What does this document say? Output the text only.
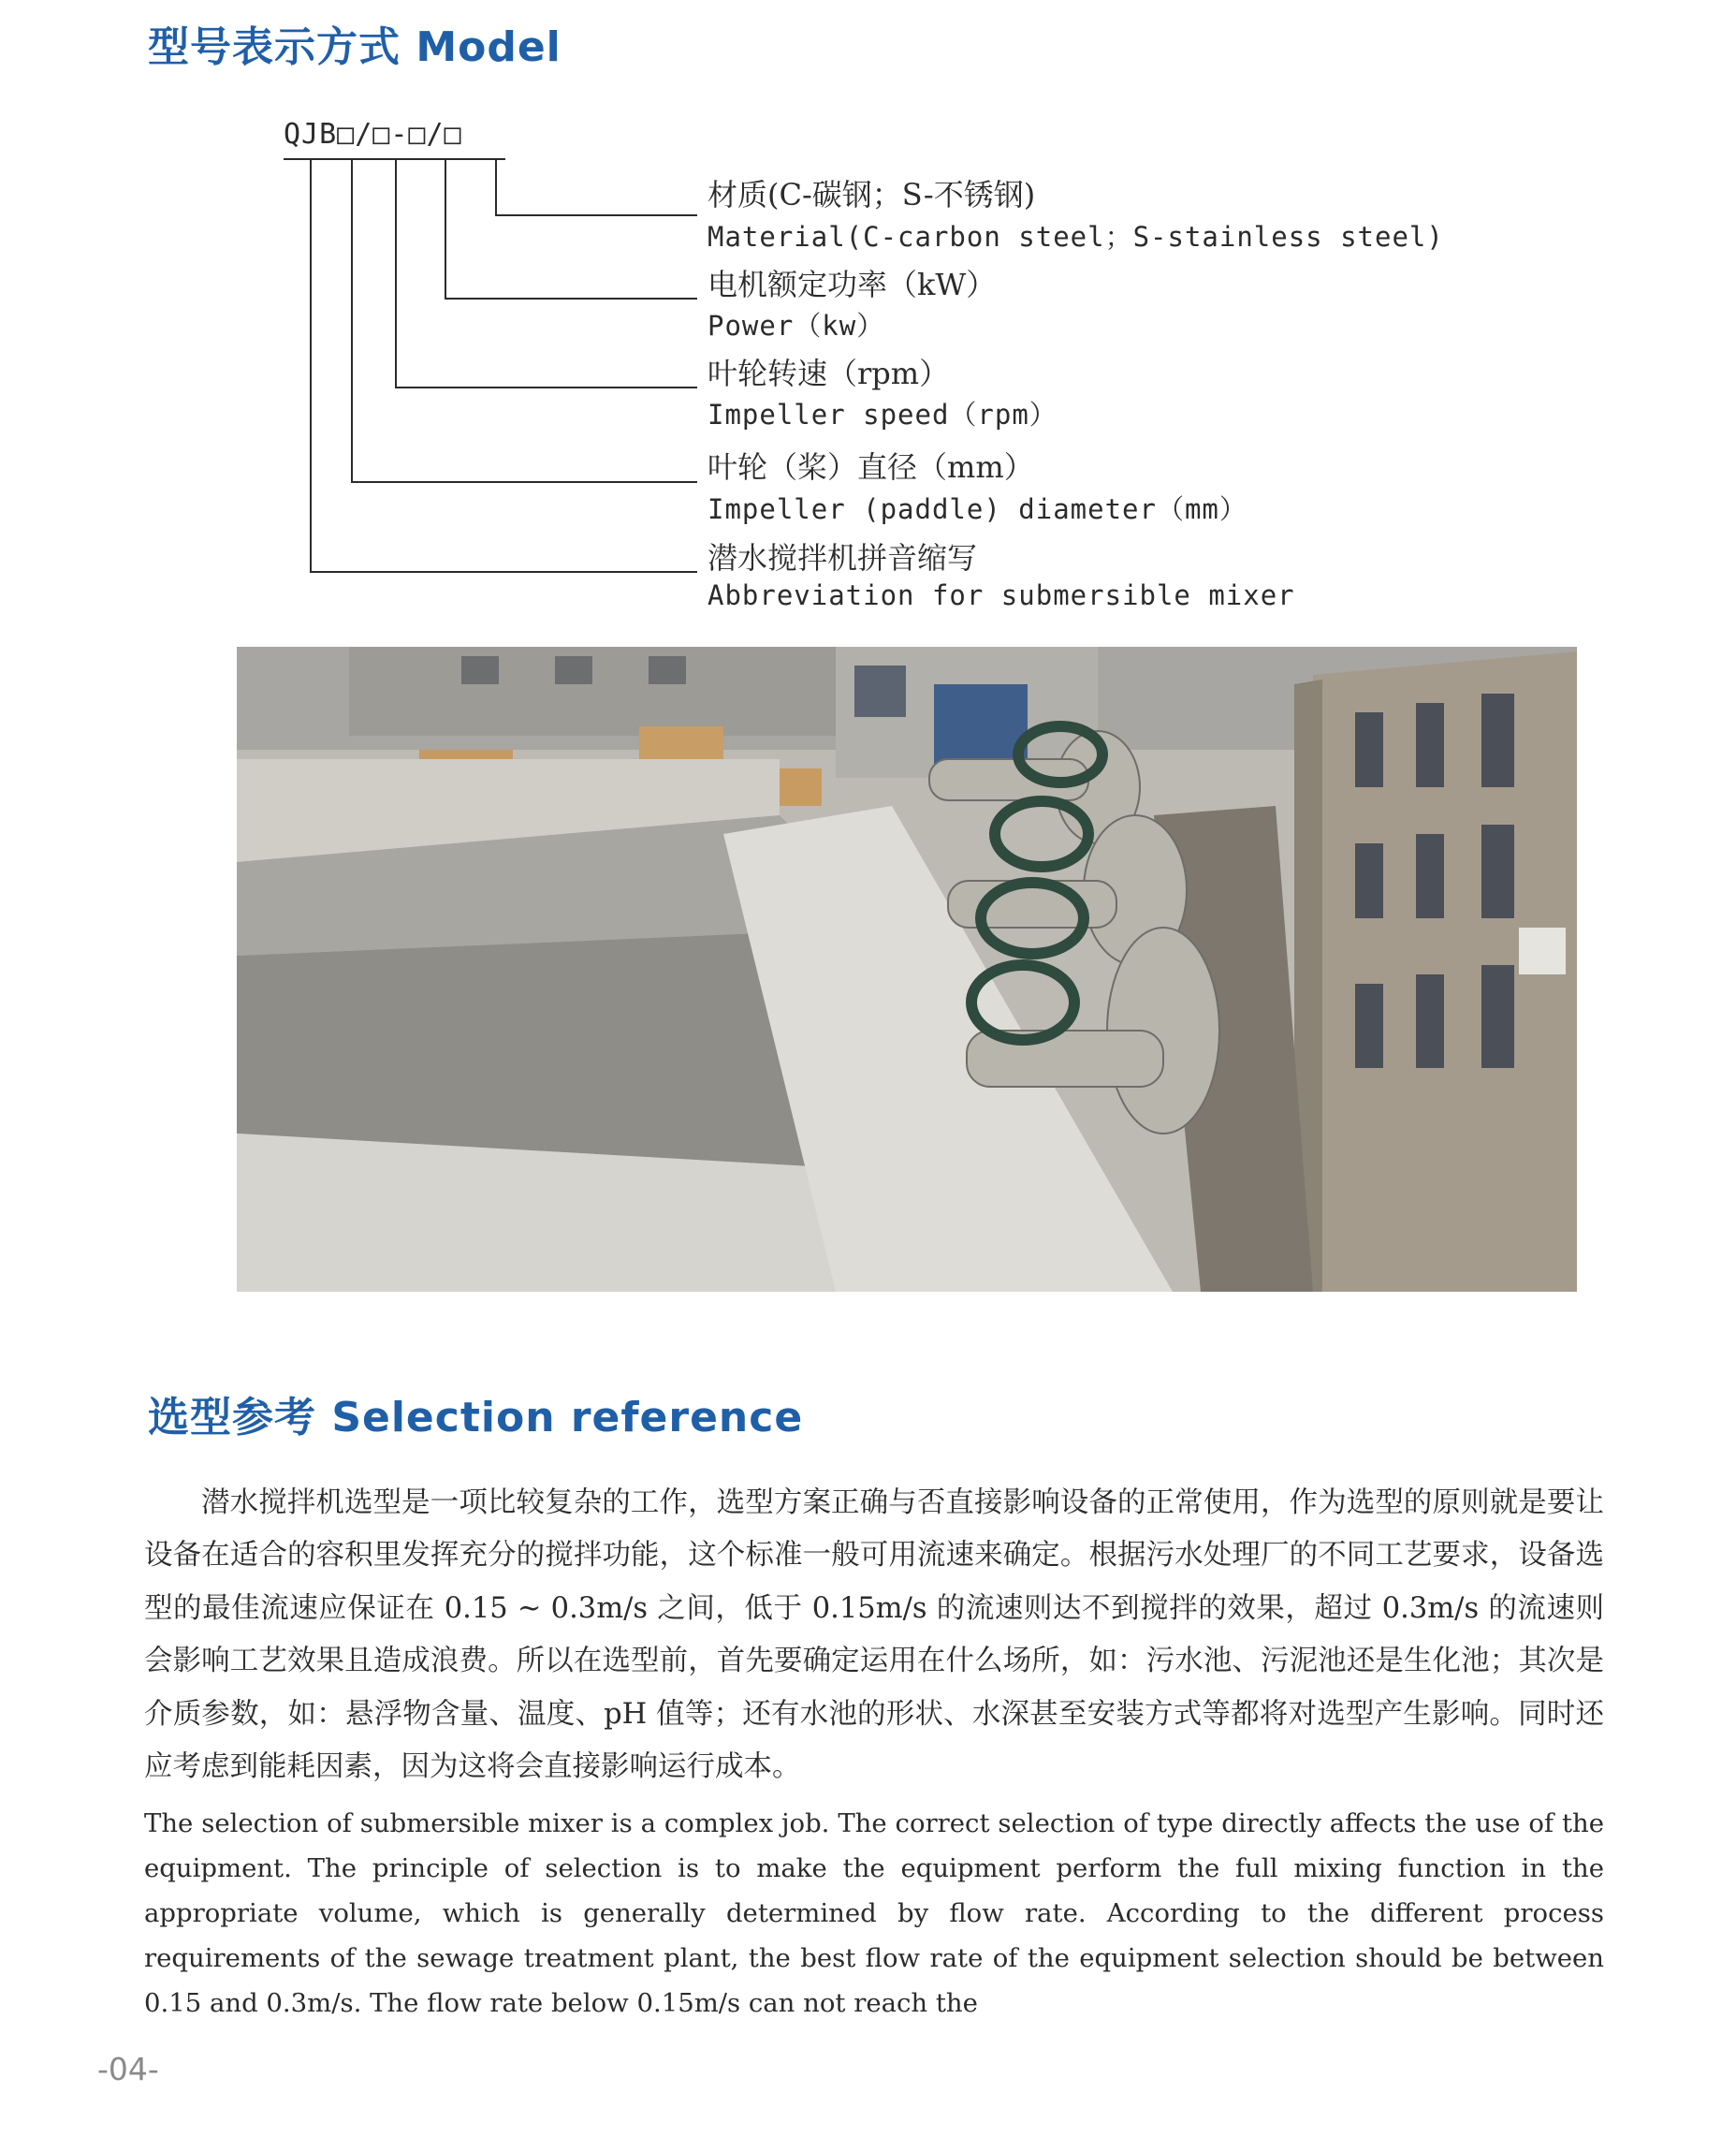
型号表示方式 Model
QJB□/□-□/□
材质(C-碳钢；S-不锈钢)
Material(C-carbon steel；S-stainless steel)
电机额定功率（kW）
Power（kw）
叶轮转速（rpm）
Impeller speed（rpm）
叶轮（桨）直径（mm）
Impeller (paddle) diameter（mm）
潜水搅拌机拼音缩写
Abbreviation for submersible mixer
选型参考 Selection reference

潜水搅拌机选型是一项比较复杂的工作，选型方案正确与否直接影响设备的正常使用，作为选型的原则就是要让设备在适合的容积里发挥充分的搅拌功能，这个标准一般可用流速来确定。根据污水处理厂的不同工艺要求，设备选型的最佳流速应保证在 0.15 ~ 0.3m/s 之间，低于 0.15m/s 的流速则达不到搅拌的效果，超过 0.3m/s 的流速则会影响工艺效果且造成浪费。所以在选型前，首先要确定运用在什么场所，如：污水池、污泥池还是生化池；其次是介质参数，如：悬浮物含量、温度、pH 值等；还有水池的形状、水深甚至安装方式等都将对选型产生影响。同时还应考虑到能耗因素，因为这将会直接影响运行成本。

The selection of submersible mixer is a complex job. The correct selection of type directly affects the use of the equipment. The principle of selection is to make the equipment perform the full mixing function in the appropriate volume, which is generally determined by flow rate. According to the different process requirements of the sewage treatment plant, the best flow rate of the equipment selection should be between 0.15 and 0.3m/s. The flow rate below 0.15m/s can not reach the

-04-
